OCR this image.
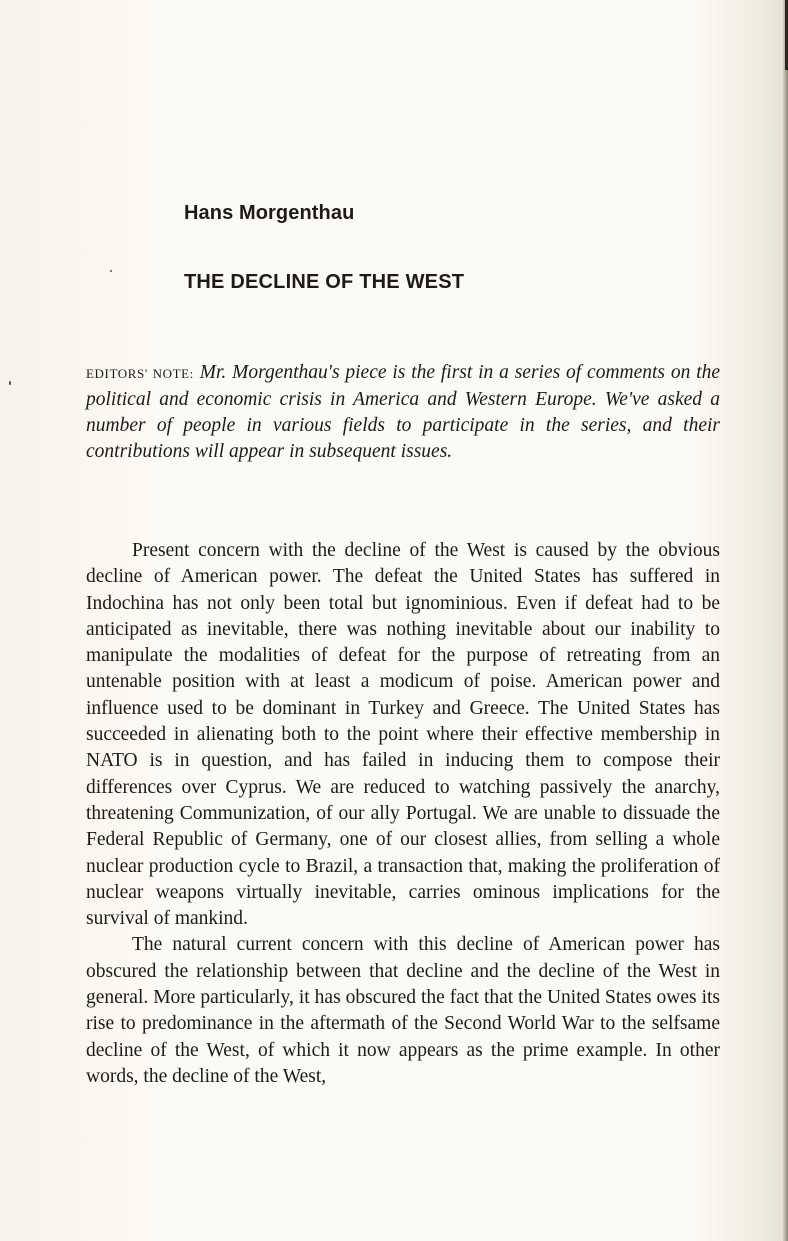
Hans Morgenthau
THE DECLINE OF THE WEST

EDITORS' NOTE: Mr. Morgenthau's piece is the first in a series of comments on the political and economic crisis in America and Western Europe. We've asked a number of people in various fields to participate in the series, and their contributions will appear in subsequent issues.

Present concern with the decline of the West is caused by the obvious decline of American power. The defeat the United States has suffered in Indochina has not only been total but ignominious. Even if defeat had to be anticipated as inevitable, there was nothing inevitable about our inability to manipulate the modalities of defeat for the purpose of retreating from an untenable position with at least a modicum of poise. American power and influence used to be dominant in Turkey and Greece. The United States has succeeded in alienating both to the point where their effective membership in NATO is in question, and has failed in inducing them to compose their differences over Cyprus. We are reduced to watching passively the anarchy, threatening Communization, of our ally Portugal. We are unable to dissuade the Federal Republic of Germany, one of our closest allies, from selling a whole nuclear production cycle to Brazil, a transaction that, making the proliferation of nuclear weapons virtually inevitable, carries ominous implications for the survival of mankind.

The natural current concern with this decline of American power has obscured the relationship between that decline and the decline of the West in general. More particularly, it has obscured the fact that the United States owes its rise to predominance in the aftermath of the Second World War to the selfsame decline of the West, of which it now appears as the prime example. In other words, the decline of the West,
